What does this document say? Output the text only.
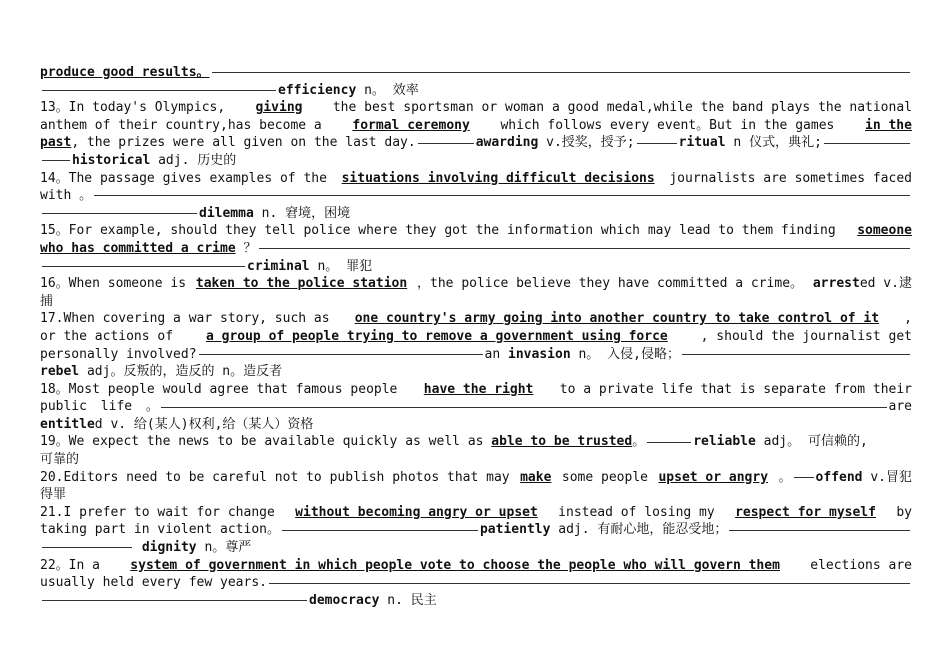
produce good results。
efficiency
n。 效率
13。In today's Olympics, giving the best sportsman or woman a good medal,while the band plays the national
anthem of their country,has become a formal ceremony which follows every event。But in the games in the
past , the prizes were all given on the last day.	awarding
v.授奖，授予;	ritual
n 仪式，典礼;
historical
adj. 历史的
14。The passage gives examples of the situations involving difficult decisions journalists are sometimes faced
with 。
dilemma
n. 窘境，困境
15。For example, should they tell police where they got the information which may lead to them finding someone
who has committed a crime
？
criminal
n。 罪犯
16。When someone is taken to the police station ，the police believe they have committed a crime。 arrested v.逮
捕
17.When covering a war story, such as one country's army going into another country to take control of it ,
or the actions of	a group of people trying to remove a government using force	, should the journalist get
personally involved?	an
invasion
n。 入侵,侵略；
rebel
adj。反叛的，造反的 n。造反者
18。Most people would agree that famous people have the right to a private life that is separate from their
public life 。	are
entitle d v. 给(某人)权利,给（某人）资格
19。We expect the news to be available quickly as well as
able to be trusted 。	reliable
adj。 可信赖的,
可靠的
20.Editors need to be careful not to publish photos that may make some people upset or angry 。 offend v.冒犯
得罪
21.I prefer to wait for change without becoming angry or upset instead of losing my respect for myself by
taking part in violent action。	patiently
adj. 有耐心地，能忍受地；

dignity
n。尊严
22。In a system of government in which people vote to choose the people who will govern them elections are
usually held every few years.
democracy
n. 民主
